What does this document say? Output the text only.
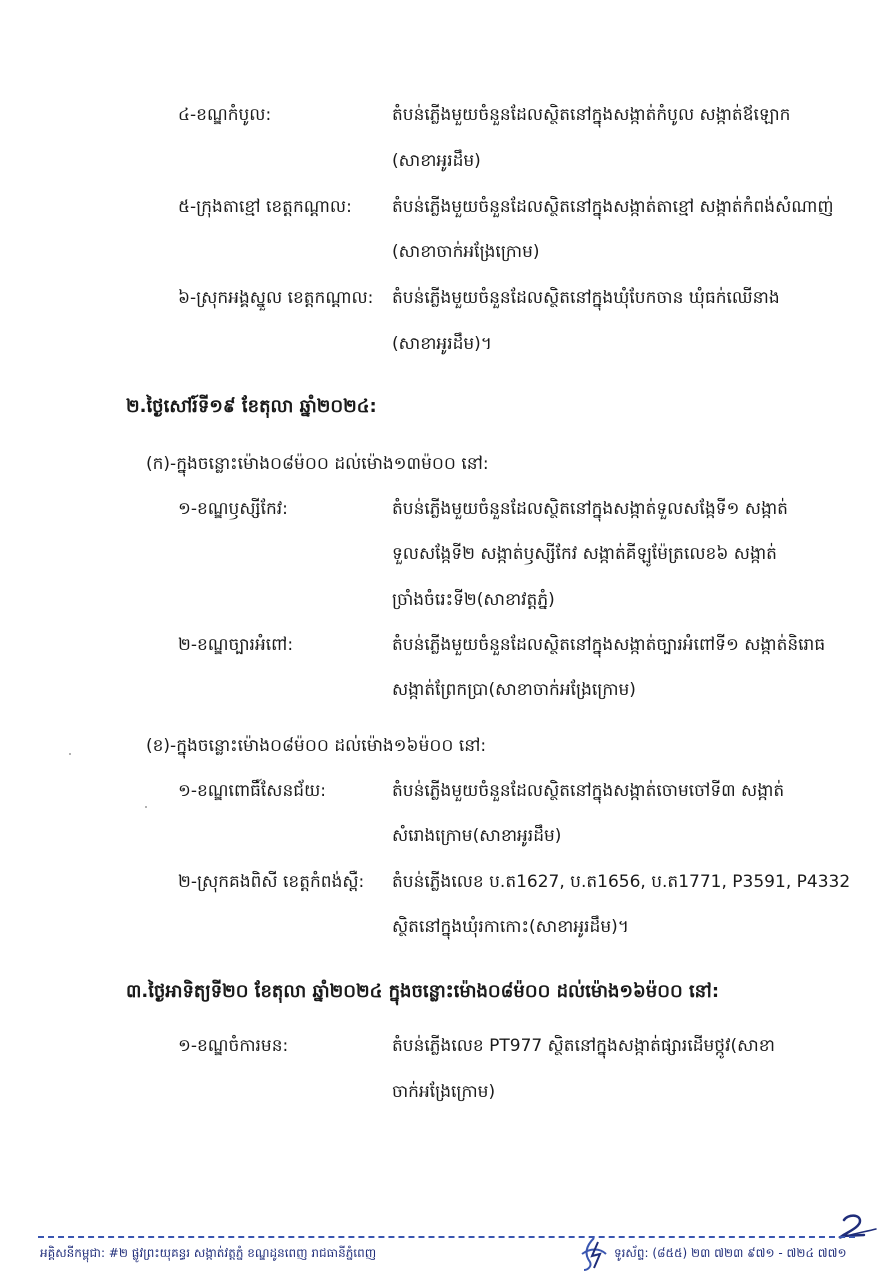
៤-ខណ្ឌកំបូល:	តំបន់ភ្លើងមួយចំនួនដែលស្ថិតនៅក្នុងសង្កាត់កំបូល សង្កាត់ឪឡោក
(សាខាអូរដឹម)
៥-ក្រុងតាខ្មៅ ខេត្តកណ្តាល: តំបន់ភ្លើងមួយចំនួនដែលស្ថិតនៅក្នុងសង្កាត់តាខ្មៅ សង្កាត់កំពង់សំណាញ់
(សាខាចាក់អង្រែក្រោម)
៦-ស្រុកអង្គស្នួល ខេត្តកណ្តាល: តំបន់ភ្លើងមួយចំនួនដែលស្ថិតនៅក្នុងឃុំបែកចាន ឃុំធក់ឈើនាង
(សាខាអូរដឹម)។
២.ថ្ងៃសៅរ៍ទី១៩ ខែតុលា ឆ្នាំ២០២៤:
(ក)-ក្នុងចន្លោះម៉ោង០៨ម៉០០ ដល់ម៉ោង១៣ម៉០០ នៅ:
១-ខណ្ឌឫស្សីកែវ:	តំបន់ភ្លើងមួយចំនួនដែលស្ថិតនៅក្នុងសង្កាត់ទួលសង្កែទី១ សង្កាត់
ទួលសង្កែទី២ សង្កាត់ឫស្សីកែវ សង្កាត់គីឡូម៉ែត្រលេខ៦ សង្កាត់
ច្រាំងចំរេះទី២(សាខាវត្តភ្នំ)
២-ខណ្ឌច្បារអំពៅ:	តំបន់ភ្លើងមួយចំនួនដែលស្ថិតនៅក្នុងសង្កាត់ច្បារអំពៅទី១ សង្កាត់និរោធ
សង្កាត់ព្រែកប្រា(សាខាចាក់អង្រែក្រោម)
(ខ)-ក្នុងចន្លោះម៉ោង០៨ម៉០០ ដល់ម៉ោង១៦ម៉០០ នៅ:
១-ខណ្ឌពោធិ៍សែនជ័យ:	តំបន់ភ្លើងមួយចំនួនដែលស្ថិតនៅក្នុងសង្កាត់ចោមចៅទី៣ សង្កាត់
សំរោងក្រោម(សាខាអូរដឹម)
២-ស្រុកគងពិសី ខេត្តកំពង់ស្ពឺ: តំបន់ភ្លើងលេខ ប.ត1627, ប.ត1656, ប.ត1771, P3591, P4332
ស្ថិតនៅក្នុងឃុំរកាកោះ(សាខាអូរដឹម)។
៣.ថ្ងៃអាទិត្យទី២០ ខែតុលា ឆ្នាំ២០២៤ ក្នុងចន្លោះម៉ោង០៨ម៉០០ ដល់ម៉ោង១៦ម៉០០ នៅ:
១-ខណ្ឌចំការមន:	តំបន់ភ្លើងលេខ PT977 ស្ថិតនៅក្នុងសង្កាត់ផ្សារដើមថ្កូវ(សាខា
ចាក់អង្រែក្រោម)
អគ្គិសនីកម្ពុជា: #២ ផ្លូវព្រះយុគន្ធរ សង្កាត់វត្តភ្នំ ខណ្ឌដូនពេញ រាជធានីភ្នំពេញ	ទូរស័ព្ទ: (៨៥៥) ២៣ ៧២៣ ៩៧១ - ៧២៤ ៧៧១
